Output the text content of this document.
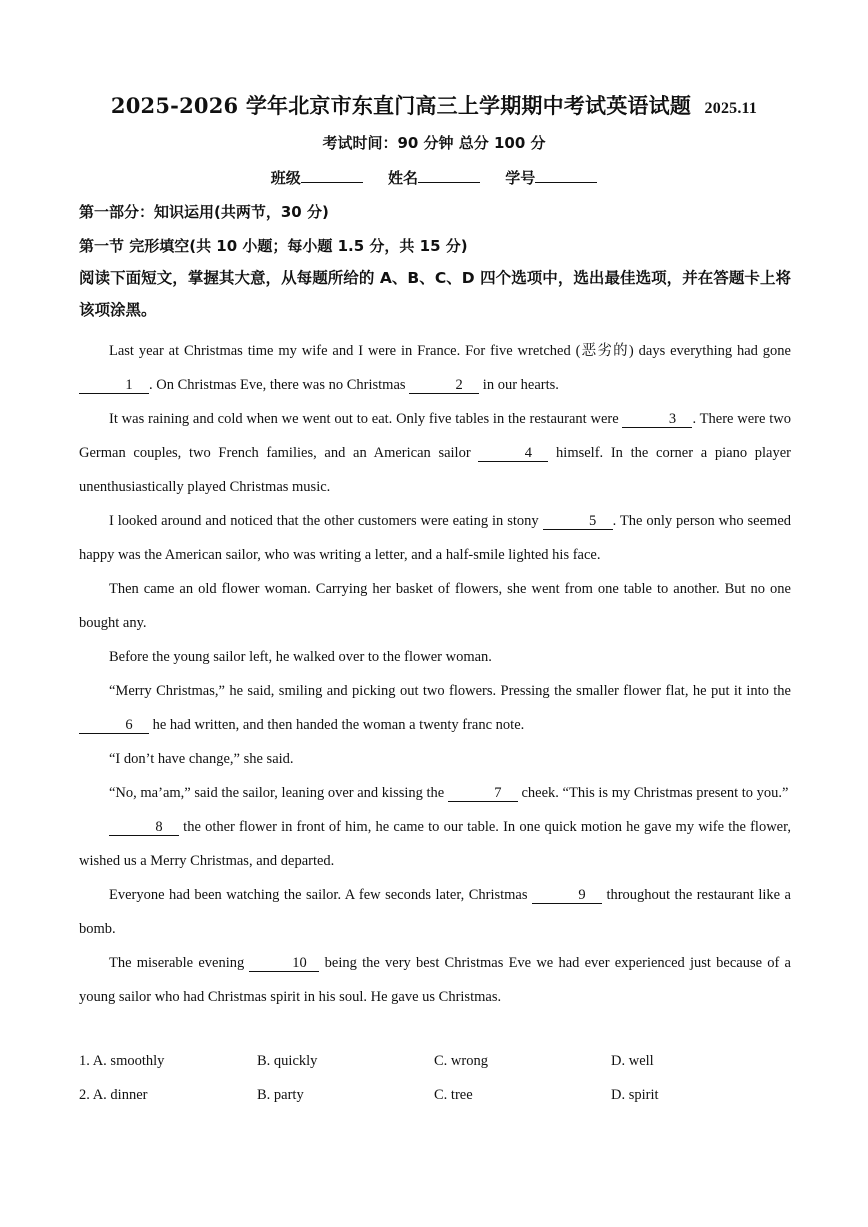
2025-2026 学年北京市东直门高三上学期期中考试英语试题 2025.11
考试时间：90 分钟 总分 100 分
班级	姓名	学号
第一部分：知识运用(共两节，30 分)
第一节 完形填空(共 10 小题；每小题 1.5 分，共 15 分)
阅读下面短文，掌握其大意，从每题所给的 A、B、C、D 四个选项中，选出最佳选项，并在答题卡上将该项涂黑。

Last year at Christmas time my wife and I were in France. For five wretched (恶劣的) days everything had gone 1 . On Christmas Eve, there was no Christmas	2 in our hearts.

It was raining and cold when we went out to eat. Only five tables in the restaurant were	3 . There were two German couples, two French families, and an American sailor	4 himself. In the corner a piano player unenthusiastically played Christmas music.

I looked around and noticed that the other customers were eating in stony	5 . The only person who seemed happy was the American sailor, who was writing a letter, and a half-smile lighted his face.

Then came an old flower woman. Carrying her basket of flowers, she went from one table to another. But no one bought any.

Before the young sailor left, he walked over to the flower woman.

“Merry Christmas,” he said, smiling and picking out two flowers. Pressing the smaller flower flat, he put it into the 6 he had written, and then handed the woman a twenty franc note.

“I don’t have change,” she said.

“No, ma’am,” said the sailor, leaning over and kissing the	7 cheek. “This is my Christmas present to you.”

8 the other flower in front of him, he came to our table. In one quick motion he gave my wife the flower, wished us a Merry Christmas, and departed.

Everyone had been watching the sailor. A few seconds later, Christmas	9 throughout the restaurant like a bomb.

The miserable evening	10 being the very best Christmas Eve we had ever experienced just because of a young sailor who had Christmas spirit in his soul. He gave us Christmas.

1. A. smoothly	B. quickly	C. wrong	D. well
2. A. dinner	B. party	C. tree	D. spirit
